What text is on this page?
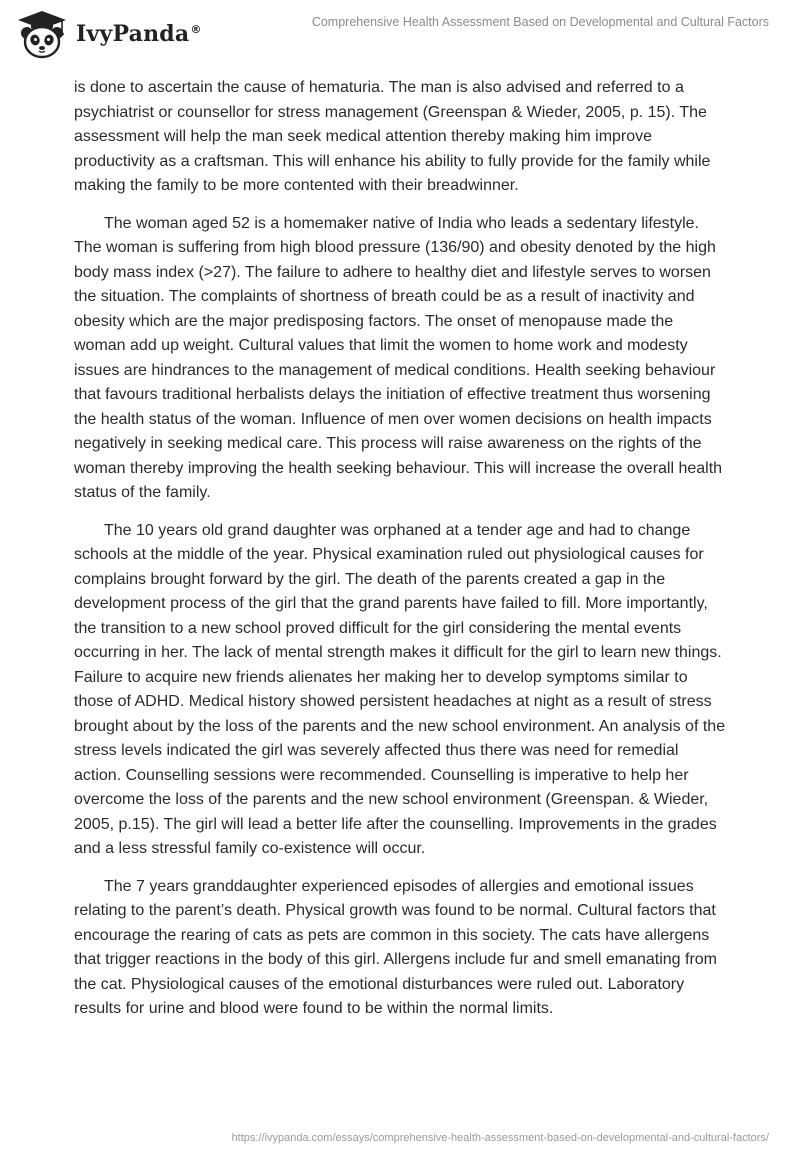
IvyPanda®
Comprehensive Health Assessment Based on Developmental and Cultural Factors

is done to ascertain the cause of hematuria. The man is also advised and referred to a psychiatrist or counsellor for stress management (Greenspan & Wieder, 2005, p. 15). The assessment will help the man seek medical attention thereby making him improve productivity as a craftsman. This will enhance his ability to fully provide for the family while making the family to be more contented with their breadwinner.

The woman aged 52 is a homemaker native of India who leads a sedentary lifestyle. The woman is suffering from high blood pressure (136/90) and obesity denoted by the high body mass index (>27). The failure to adhere to healthy diet and lifestyle serves to worsen the situation. The complaints of shortness of breath could be as a result of inactivity and obesity which are the major predisposing factors. The onset of menopause made the woman add up weight. Cultural values that limit the women to home work and modesty issues are hindrances to the management of medical conditions. Health seeking behaviour that favours traditional herbalists delays the initiation of effective treatment thus worsening the health status of the woman. Influence of men over women decisions on health impacts negatively in seeking medical care. This process will raise awareness on the rights of the woman thereby improving the health seeking behaviour. This will increase the overall health status of the family.

The 10 years old grand daughter was orphaned at a tender age and had to change schools at the middle of the year. Physical examination ruled out physiological causes for complains brought forward by the girl. The death of the parents created a gap in the development process of the girl that the grand parents have failed to fill. More importantly, the transition to a new school proved difficult for the girl considering the mental events occurring in her. The lack of mental strength makes it difficult for the girl to learn new things. Failure to acquire new friends alienates her making her to develop symptoms similar to those of ADHD. Medical history showed persistent headaches at night as a result of stress brought about by the loss of the parents and the new school environment. An analysis of the stress levels indicated the girl was severely affected thus there was need for remedial action. Counselling sessions were recommended. Counselling is imperative to help her overcome the loss of the parents and the new school environment (Greenspan. & Wieder, 2005, p.15). The girl will lead a better life after the counselling. Improvements in the grades and a less stressful family co-existence will occur.

The 7 years granddaughter experienced episodes of allergies and emotional issues relating to the parent’s death. Physical growth was found to be normal. Cultural factors that encourage the rearing of cats as pets are common in this society. The cats have allergens that trigger reactions in the body of this girl. Allergens include fur and smell emanating from the cat. Physiological causes of the emotional disturbances were ruled out. Laboratory results for urine and blood were found to be within the normal limits.

https://ivypanda.com/essays/comprehensive-health-assessment-based-on-developmental-and-cultural-factors/
